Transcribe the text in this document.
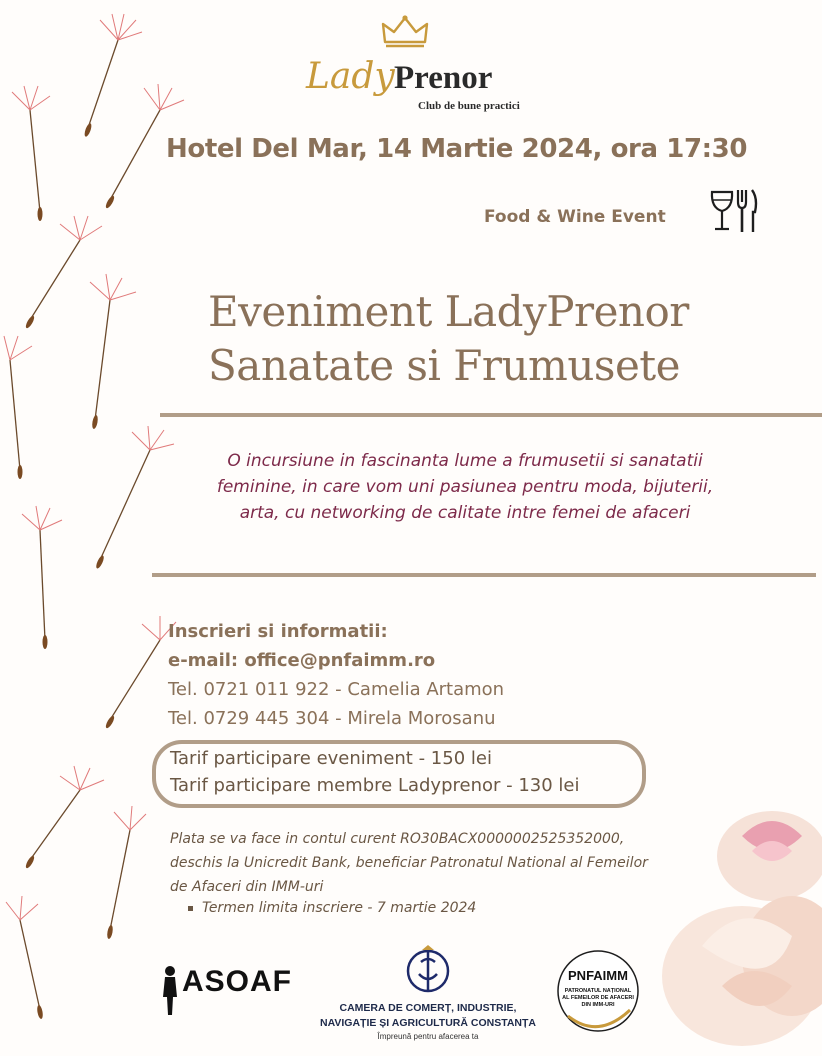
Lady Prenor
Club de bune practici
Hotel Del Mar, 14 Martie 2024, ora 17:30
Food & Wine Event
Eveniment LadyPrenor
Sanatate si Frumusete
O incursiune in fascinanta lume a frumusetii si sanatatii feminine, in care vom uni pasiunea pentru moda, bijuterii, arta, cu networking de calitate intre femei de afaceri
Inscrieri si informatii:
e-mail: office@pnfaimm.ro
Tel. 0721 011 922 - Camelia Artamon
Tel. 0729 445 304 - Mirela Morosanu
Tarif participare eveniment - 150 lei
Tarif participare membre Ladyprenor - 130 lei
Plata se va face in contul curent RO30BACX0000002525352000,
deschis la Unicredit Bank, beneficiar Patronatul National al Femeilor
de Afaceri din IMM-uri
Termen limita inscriere - 7 martie 2024
ASOAF
CAMERA DE COMERȚ, INDUSTRIE,
NAVIGAȚIE ȘI AGRICULTURĂ CONSTANȚA
Împreună pentru afacerea ta
PNFAIMM
PATRONATUL NAȚIONAL
AL FEMEILOR DE AFACERI
DIN IMM-URI
